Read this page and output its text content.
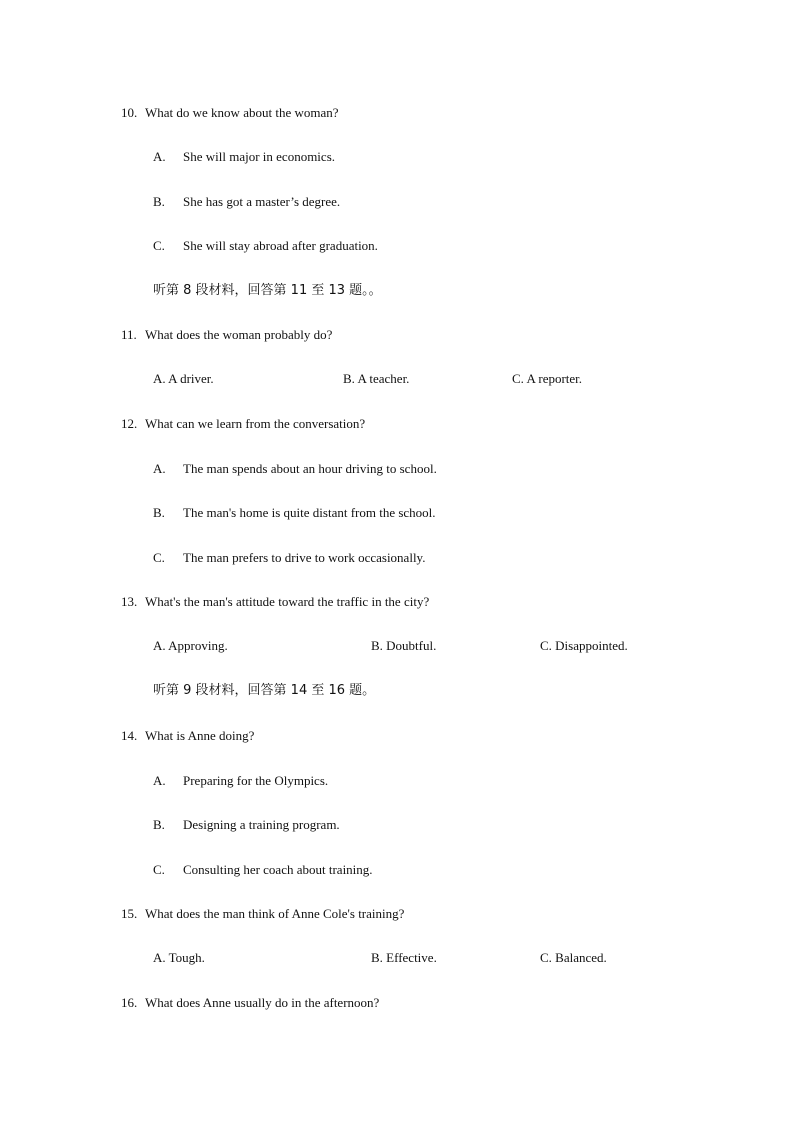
10. What do we know about the woman?
A. She will major in economics.
B. She has got a master’s degree.
C. She will stay abroad after graduation.
听第 8 段材料，回答第 11 至 13 题。。
11. What does the woman probably do?
A. A driver.	B. A teacher.	C. A reporter.
12. What can we learn from the conversation?
A. The man spends about an hour driving to school.
B. The man's home is quite distant from the school.
C. The man prefers to drive to work occasionally.
13. What's the man's attitude toward the traffic in the city?
A. Approving.	B. Doubtful.	C. Disappointed.
听第 9 段材料，回答第 14 至 16 题。
14. What is Anne doing?
A. Preparing for the Olympics.
B. Designing a training program.
C. Consulting her coach about training.
15. What does the man think of Anne Cole's training?
A. Tough.	B. Effective.	C. Balanced.
16. What does Anne usually do in the afternoon?
